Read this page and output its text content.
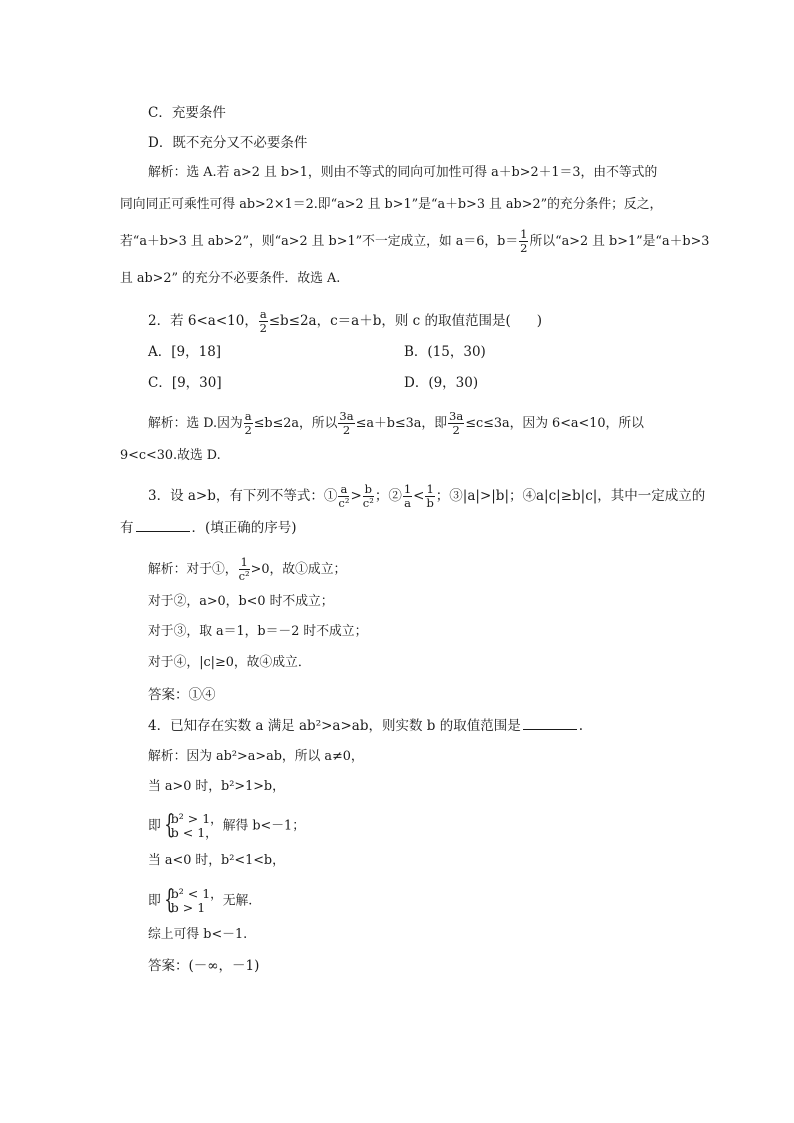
C．充要条件
D．既不充分又不必要条件
解析：选 A.若 a>2 且 b>1，则由不等式的同向可加性可得 a＋b>2＋1＝3，由不等式的
同向同正可乘性可得 ab>2×1＝2.即“a>2 且 b>1”是“a＋b>3 且 ab>2”的充分条件；反之，
若“a＋b>3 且 ab>2”，则“a>2 且 b>1”不一定成立，如 a＝6，$b= \frac{1}{2}$ 所以“a>2 且 b>1”是“a＋b>3
且 ab>2” 的充分不必要条件．故选 A.
2．若 6<a<10， $\frac{a}{2} \le b\le 2a$，c＝a＋b，则 c 的取值范围是( )
A．[9，18]	B．(15，30)
C．[9，30]	D．(9，30)
解析：选 D.因为 $\frac{a}{2} \le b\le 2a$，所以 $\frac{3a}{2} \le a+b\le 3a$，即 $\frac{3a}{2} \le c\le 3a$，因为 6<a<10，所以
9<c<30.故选 D.
3．设 a>b，有下列不等式：① $\frac{a}{\text{c²}} > \frac{b}{\text{c²}}$ ；② $\frac{1}{a} < \frac{1}{b}$ ；③|a|>|b|；④a|c|≥b|c|，其中一定成立的
有	．(填正确的序号)
解析：对于①， $\frac{1}{\text{c²}} >0$，故①成立；
对于②，a>0，b<0 时不成立；
对于③，取 a＝1，b＝－2 时不成立；
对于④，|c|≥0，故④成立．
答案：①④
4．已知存在实数 a 满足 ab²>a>ab，则实数 b 的取值范围是	.
解析：因为 ab²>a>ab，所以 a≠0，
当 a>0 时，b²>1>b，
即 {
b² > 1，
b < 1， 解得 b<－1；
当 a<0 时，b²<1<b，
即 {
b² < 1，
b > 1	无解.
综上可得 b<－1.
答案：(－∞，－1)
